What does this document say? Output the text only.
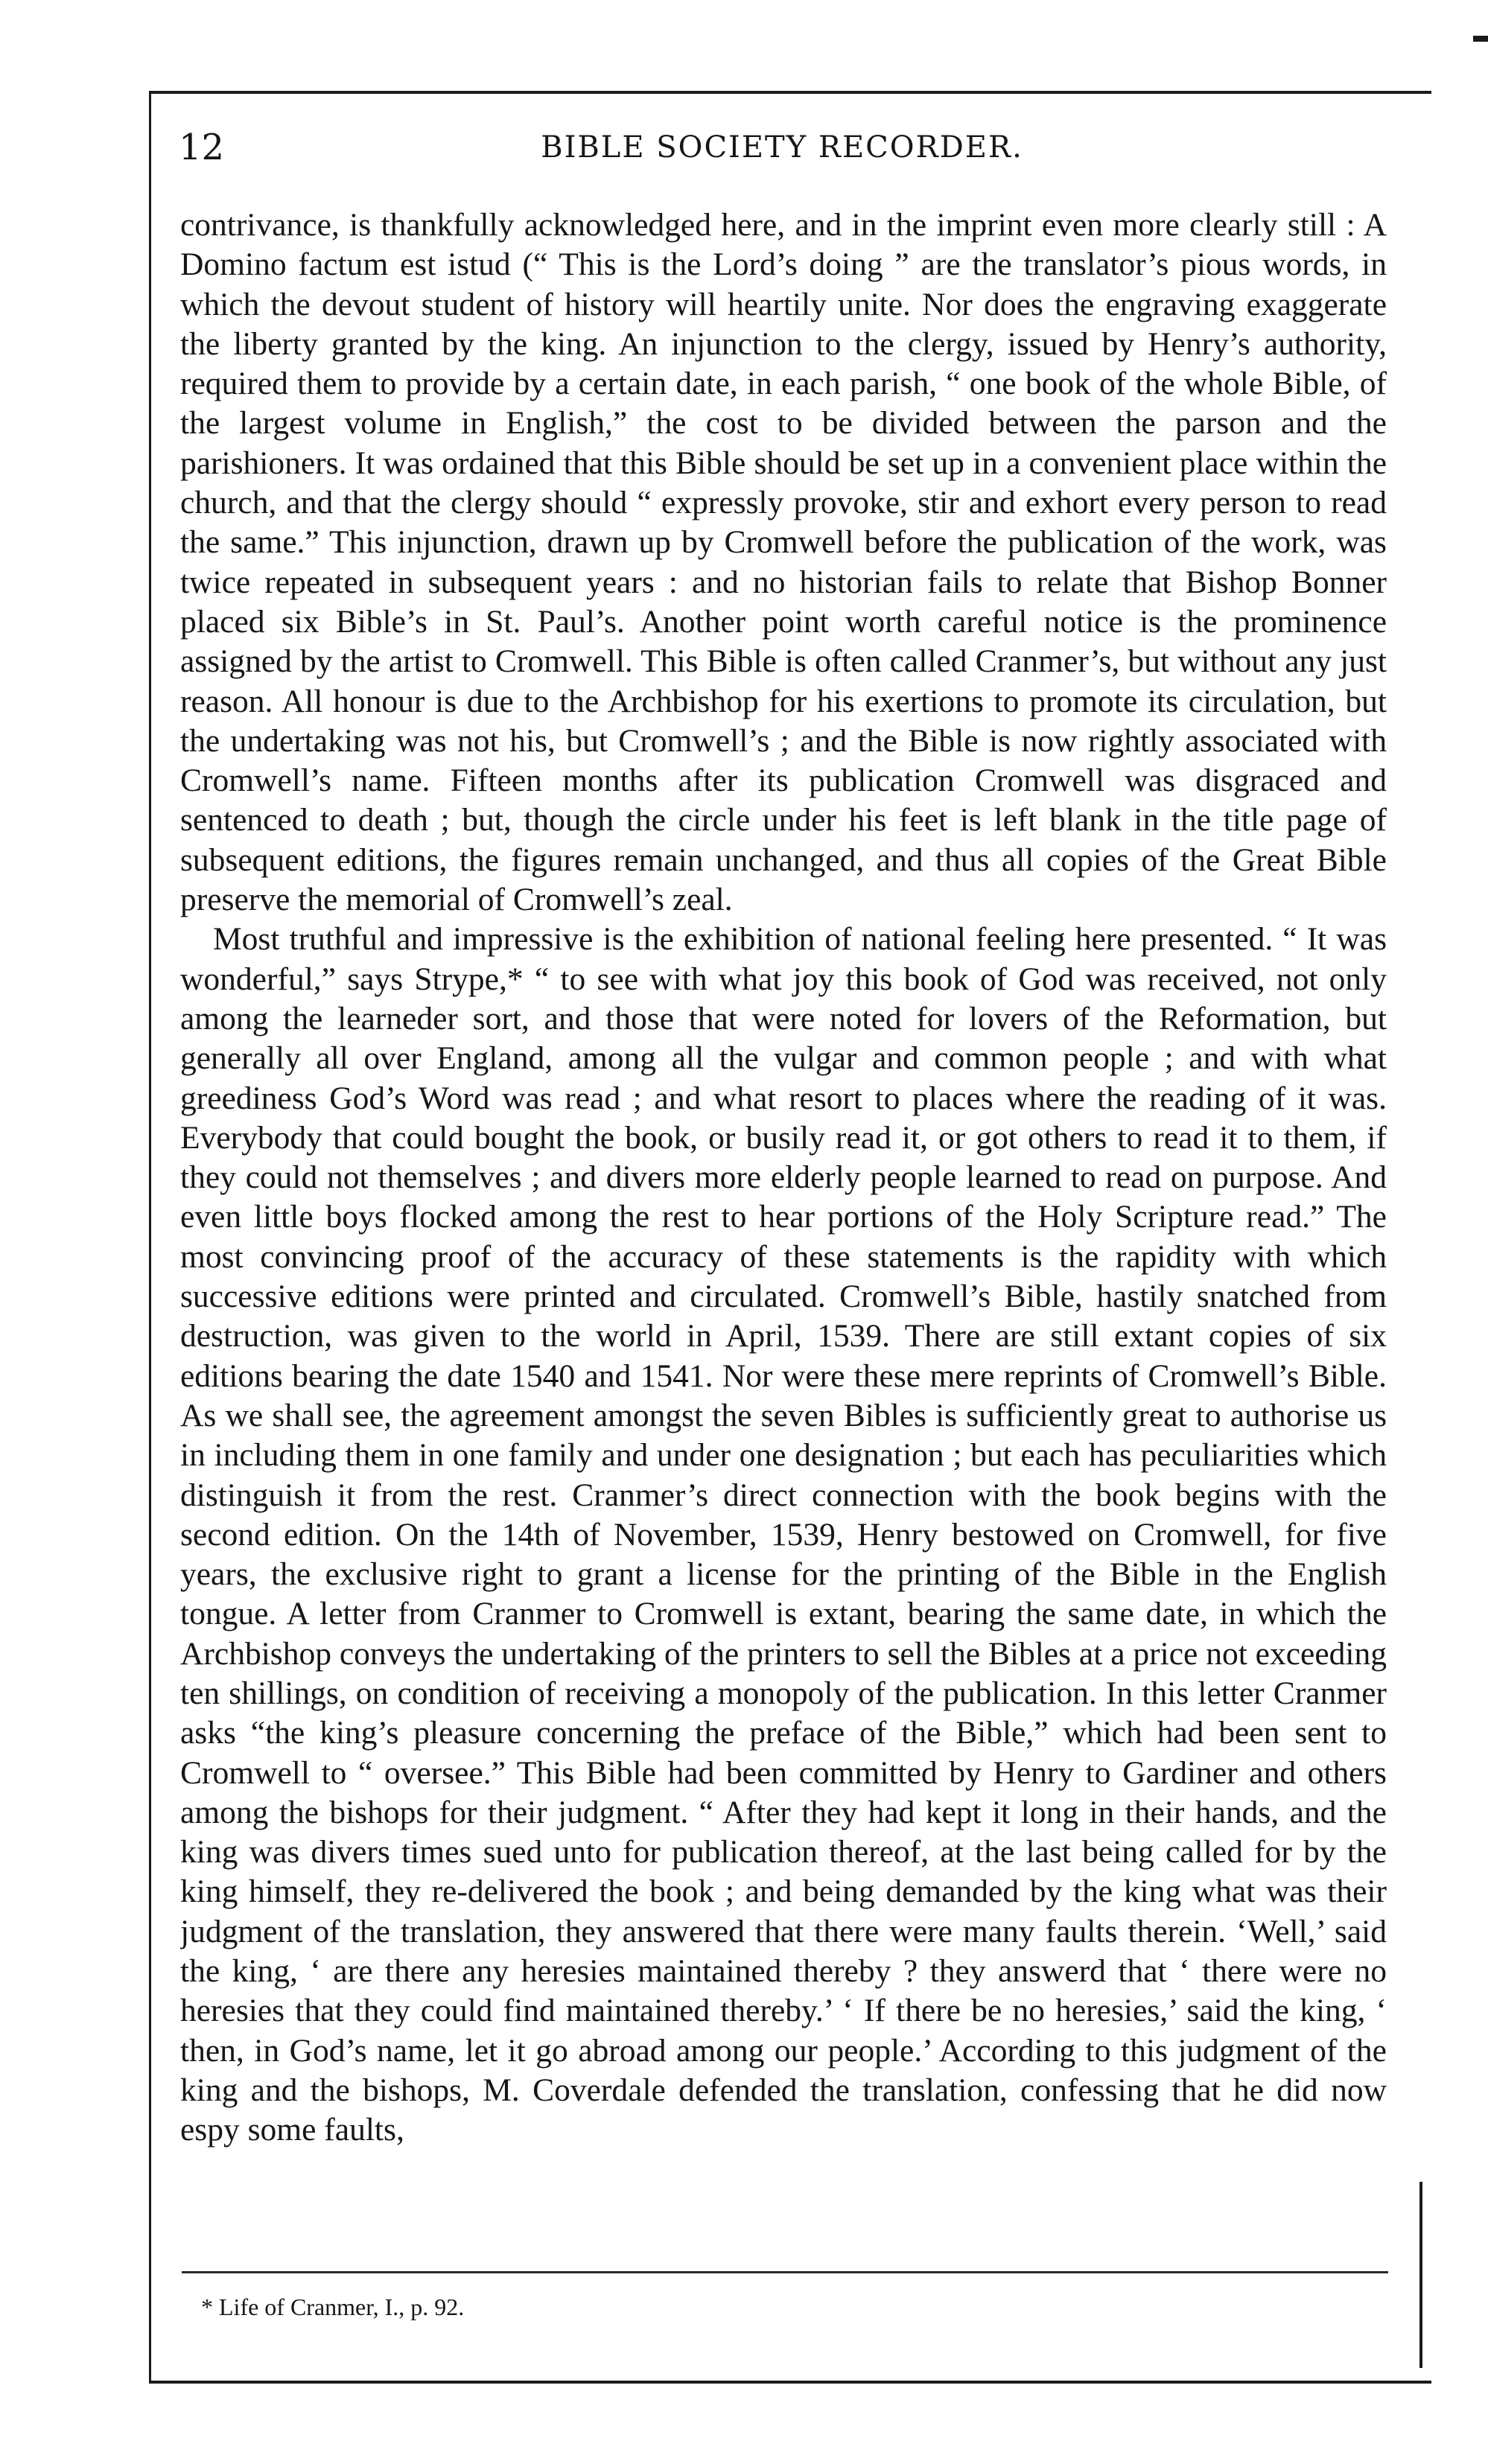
12	BIBLE SOCIETY RECORDER.

contrivance, is thankfully acknowledged here, and in the imprint even more clearly still : A Domino factum est istud (“ This is the Lord’s doing ” are the translator’s pious words, in which the devout student of history will heartily unite. Nor does the engraving exaggerate the liberty granted by the king. An injunction to the clergy, issued by Henry’s authority, required them to provide by a certain date, in each parish, “ one book of the whole Bible, of the largest volume in English,” the cost to be divided between the parson and the parishioners. It was ordained that this Bible should be set up in a convenient place within the church, and that the clergy should “ expressly provoke, stir and exhort every person to read the same.” This injunction, drawn up by Cromwell before the publication of the work, was twice repeated in subsequent years : and no historian fails to relate that Bishop Bonner placed six Bible’s in St. Paul’s. Another point worth careful notice is the prominence assigned by the artist to Cromwell. This Bible is often called Cranmer’s, but without any just reason. All honour is due to the Archbishop for his exertions to promote its circulation, but the undertaking was not his, but Cromwell’s ; and the Bible is now rightly associated with Cromwell’s name. Fifteen months after its publication Cromwell was disgraced and sentenced to death ; but, though the circle under his feet is left blank in the title page of subsequent editions, the figures remain unchanged, and thus all copies of the Great Bible preserve the memorial of Cromwell’s zeal.

Most truthful and impressive is the exhibition of national feeling here presented. “ It was wonderful,” says Strype,* “ to see with what joy this book of God was received, not only among the learneder sort, and those that were noted for lovers of the Reformation, but generally all over England, among all the vulgar and common people ; and with what greediness God’s Word was read ; and what resort to places where the reading of it was. Everybody that could bought the book, or busily read it, or got others to read it to them, if they could not themselves ; and divers more elderly people learned to read on purpose. And even little boys flocked among the rest to hear portions of the Holy Scripture read.” The most convincing proof of the accuracy of these statements is the rapidity with which successive editions were printed and circulated. Cromwell’s Bible, hastily snatched from destruction, was given to the world in April, 1539. There are still extant copies of six editions bearing the date 1540 and 1541. Nor were these mere reprints of Cromwell’s Bible. As we shall see, the agreement amongst the seven Bibles is sufficiently great to authorise us in including them in one family and under one designation ; but each has peculiarities which distinguish it from the rest. Cranmer’s direct connection with the book begins with the second edition. On the 14th of November, 1539, Henry bestowed on Cromwell, for five years, the exclusive right to grant a license for the printing of the Bible in the English tongue. A letter from Cranmer to Cromwell is extant, bearing the same date, in which the Archbishop conveys the undertaking of the printers to sell the Bibles at a price not exceeding ten shillings, on condition of receiving a monopoly of the publication. In this letter Cranmer asks “the king’s pleasure concerning the preface of the Bible,” which had been sent to Cromwell to “ oversee.” This Bible had been committed by Henry to Gardiner and others among the bishops for their judgment. “ After they had kept it long in their hands, and the king was divers times sued unto for publication thereof, at the last being called for by the king himself, they re-delivered the book ; and being demanded by the king what was their judgment of the translation, they answered that there were many faults therein. ‘Well,’ said the king, ‘ are there any heresies maintained thereby ? they answerd that ‘ there were no heresies that they could find maintained thereby.’ ‘ If there be no heresies,’ said the king, ‘ then, in God’s name, let it go abroad among our people.’ According to this judgment of the king and the bishops, M. Coverdale defended the translation, confessing that he did now espy some faults,

* Life of Cranmer, I., p. 92.
